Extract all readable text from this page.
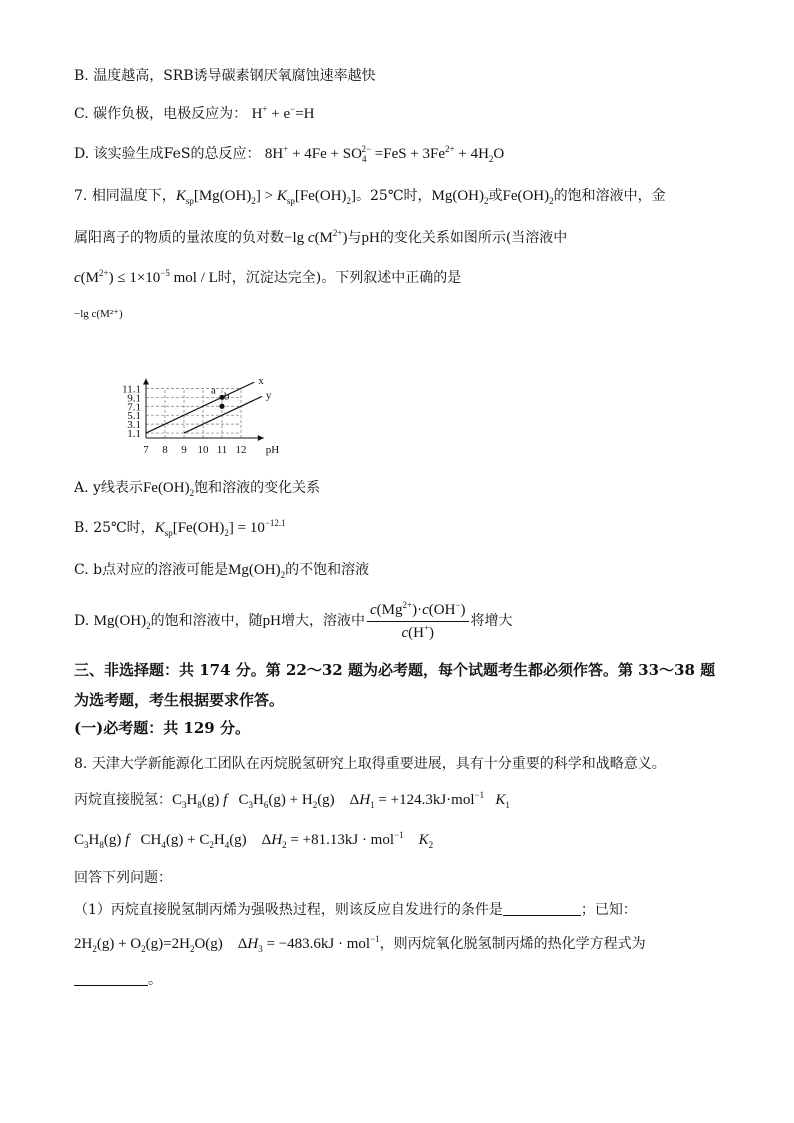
B. 温度越高，SRB诱导碳素钢厌氧腐蚀速率越快
C. 碳作负极，电极反应为： H+ + e−=H
D. 该实验生成FeS的总反应： $8H^+ + 4Fe + SO_4^{2-} =FeS + 3Fe^{2+} + 4H_2O$
7. 相同温度下，$K_{sp}[Mg(OH)_2] > K_{sp}[Fe(OH)_2]$。25℃时，$Mg(OH)_2$或$Fe(OH)_2$的饱和溶液中，金
属阳离子的物质的量浓度的负对数−lg $c(M^{2+})$与pH的变化关系如图所示(当溶液中
$c(M^{2+}) \le 1\times 10^{-5}$ mol / L时，沉淀达完全)。下列叙述中正确的是
7 8 9 10 11 12
1.1
3.1
5.1
7.1
9.1
11.1
−lg c(M²⁺)
pH
x
y
a b
A. y线表示$Fe(OH)_2$饱和溶液的变化关系
B. 25℃时，$K_{sp}[Fe(OH)_2] = 10^{-12.1}$
C. b点对应的溶液可能是$Mg(OH)_2$的不饱和溶液
D. $Mg(OH)_2$的饱和溶液中，随pH增大，溶液中 $\frac{c(Mg^{2+})\cdot c(OH^-)}{c(H^+)}$ 将增大
三、非选择题：共 174 分。第 22～32 题为必考题，每个试题考生都必须作答。第 33～38 题
为选考题，考生根据要求作答。
(一)必考题：共 129 分。
8. 天津大学新能源化工团队在丙烷脱氢研究上取得重要进展，具有十分重要的科学和战略意义。
丙烷直接脱氢：$C_3H_8(g)$ f   $C_3H_6(g) + H_2(g)$    $\Delta H_1 = +124.3kJ\cdot mol^{-1}$ $K_1$
$C_3H_8(g)$ f   $CH_4(g) + C_2H_4(g)$    $\Delta H_2 = +81.13kJ \cdot mol^{-1}$ $K_2$
回答下列问题：
（1）丙烷直接脱氢制丙烯为强吸热过程，则该反应自发进行的条件是	；已知：
$2H_2(g) + O_2(g)=2H_2O(g)$    $\Delta H_3 = -483.6kJ \cdot mol^{-1}$，则丙烷氧化脱氢制丙烯的热化学方程式为
。
